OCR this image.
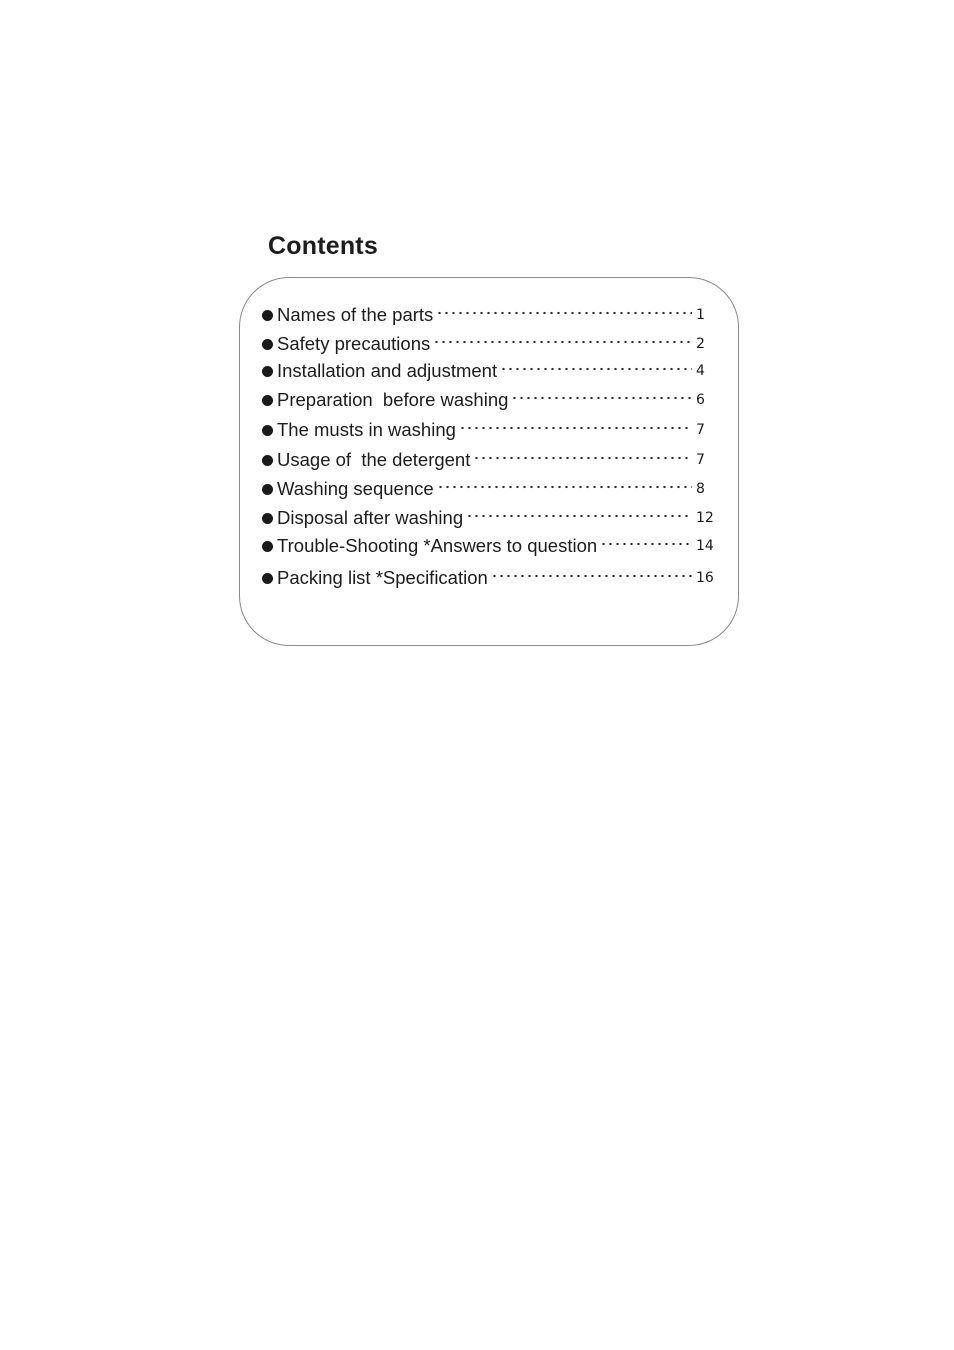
Contents
Names of the parts	1
Safety precautions	2
Installation and adjustment	4
Preparation  before washing	6
The musts in washing	7
Usage of  the detergent	7
Washing sequence	8
Disposal after washing	12
Trouble-Shooting *Answers to question	14
Packing list *Specification	16
